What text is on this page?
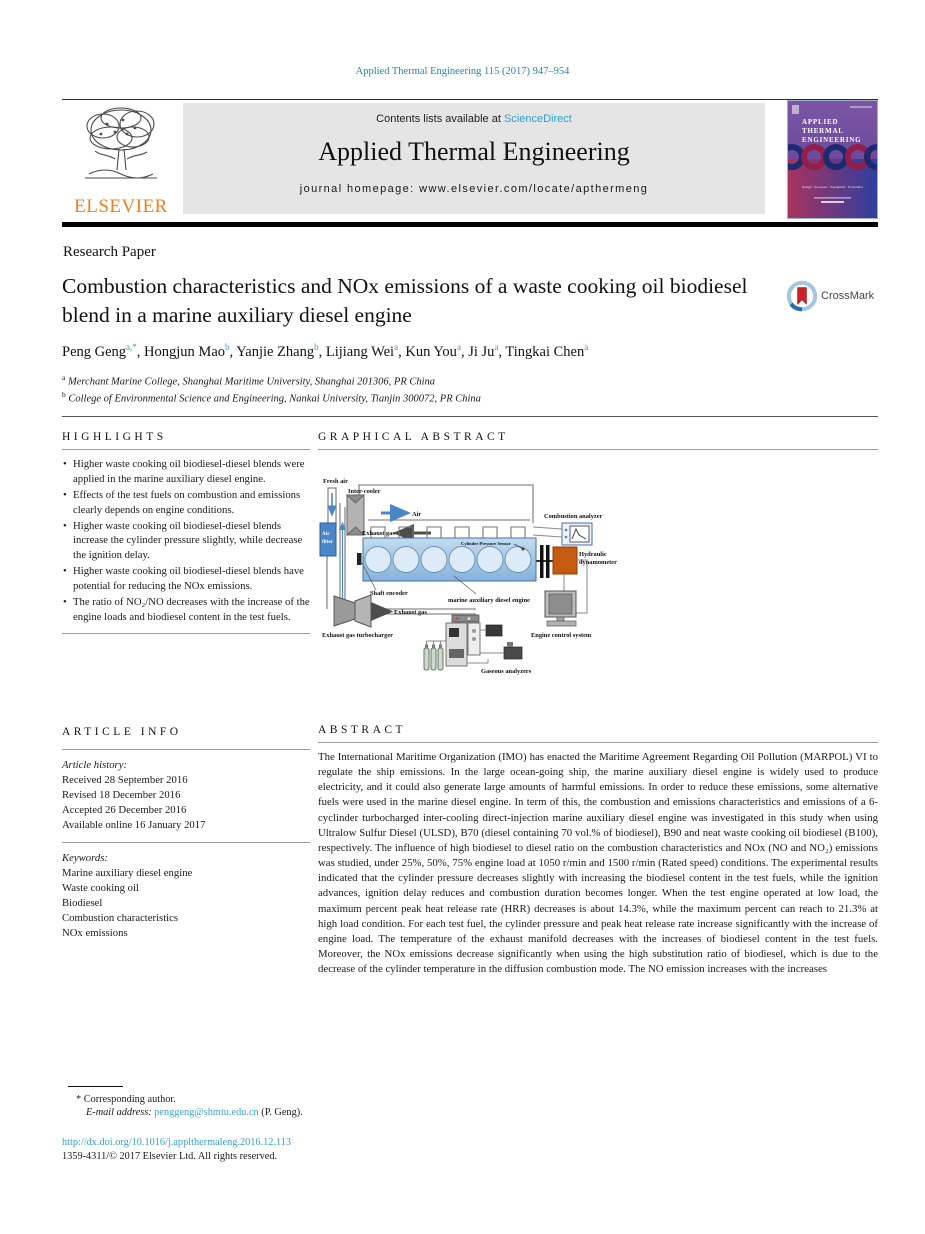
Applied Thermal Engineering 115 (2017) 947–954
ELSEVIER
Contents lists available at ScienceDirect
Applied Thermal Engineering
journal homepage: www.elsevier.com/locate/apthermeng
APPLIED
THERMAL
ENGINEERING
Design · Processes · Equipment · Economics
Research Paper
Combustion characteristics and NOx emissions of a waste cooking oil biodiesel blend in a marine auxiliary diesel engine
CrossMark
Peng Geng$^{a,*}$, Hongjun Mao$^b$, Yanjie Zhang$^b$, Lijiang Wei$^a$, Kun You$^a$, Ji Ju$^a$, Tingkai Chen$^a$
$^a$ Merchant Marine College, Shanghai Maritime University, Shanghai 201306, PR China
$^b$ College of Environmental Science and Engineering, Nankai University, Tianjin 300072, PR China
HIGHLIGHTS
• Higher waste cooking oil biodiesel-diesel blends were applied in the marine auxiliary diesel engine.
• Effects of the test fuels on combustion and emissions clearly depends on engine conditions.
• Higher waste cooking oil biodiesel-diesel blends increase the cylinder pressure slightly, while decrease the ignition delay.
• Higher waste cooking oil biodiesel-diesel blends have potential for reducing the NOx emissions.
• The ratio of NO₂/NO decreases with the increase of the engine loads and biodiesel content in the test fuels.
GRAPHICAL ABSTRACT
Fresh air
Inter-cooler
Air
Exhaust gas
Air
filter	Cylinder Pressure Sensor
Combustion analyzer
Hydraulic
dynamometer
Shaft encoder
marine auxiliary diesel engine
Exhaust gas
Exhaust gas turbocharger	Engine control system
Gaseous analyzers
ARTICLE INFO
Article history:
Received 28 September 2016
Revised 18 December 2016
Accepted 26 December 2016
Available online 16 January 2017
Keywords:
Marine auxiliary diesel engine
Waste cooking oil
Biodiesel
Combustion characteristics
NOx emissions
ABSTRACT

The International Maritime Organization (IMO) has enacted the Maritime Agreement Regarding Oil Pollution (MARPOL) VI to regulate the ship emissions. In the large ocean-going ship, the marine auxiliary diesel engine is widely used to produce electricity, and it could also generate large amounts of harmful emissions. In order to reduce these emissions, some alternative fuels were used in the marine diesel engine. In term of this, the combustion and emissions characteristics and emissions of a 6-cyclinder turbocharged inter-cooling direct-injection marine auxiliary diesel engine was investigated in this study when using Ultralow Sulfur Diesel (ULSD), B70 (diesel containing 70 vol.% of biodiesel), B90 and neat waste cooking oil biodiesel (B100), respectively. The influence of high biodiesel to diesel ratio on the combustion characteristics and NOx (NO and NO₂) emissions was studied, under 25%, 50%, 75% engine load at 1050 r/min and 1500 r/min (Rated speed) conditions. The experimental results indicated that the cylinder pressure decreases slightly with increasing the biodiesel content in the test fuels, while the ignition advances, ignition delay reduces and combustion duration becomes longer. When the test engine operated at low load, the maximum percent peak heat release rate (HRR) decreases is about 14.3%, while the maximum percent can reach to 21.3% at high load condition. For each test fuel, the cylinder pressure and peak heat release rate increase significantly with the increase of engine load. The temperature of the exhaust manifold decreases with the increases of biodiesel content in the test fuels. Moreover, the NOx emissions decrease significantly when using the high substitution ratio of biodiesel, which is due to the decrease of the cylinder temperature in the diffusion combustion mode. The NO emission increases with the increases

* Corresponding author.
E-mail address: penggeng@shmtu.edu.cn (P. Geng).
http://dx.doi.org/10.1016/j.applthermaleng.2016.12.113
1359-4311/© 2017 Elsevier Ltd. All rights reserved.
